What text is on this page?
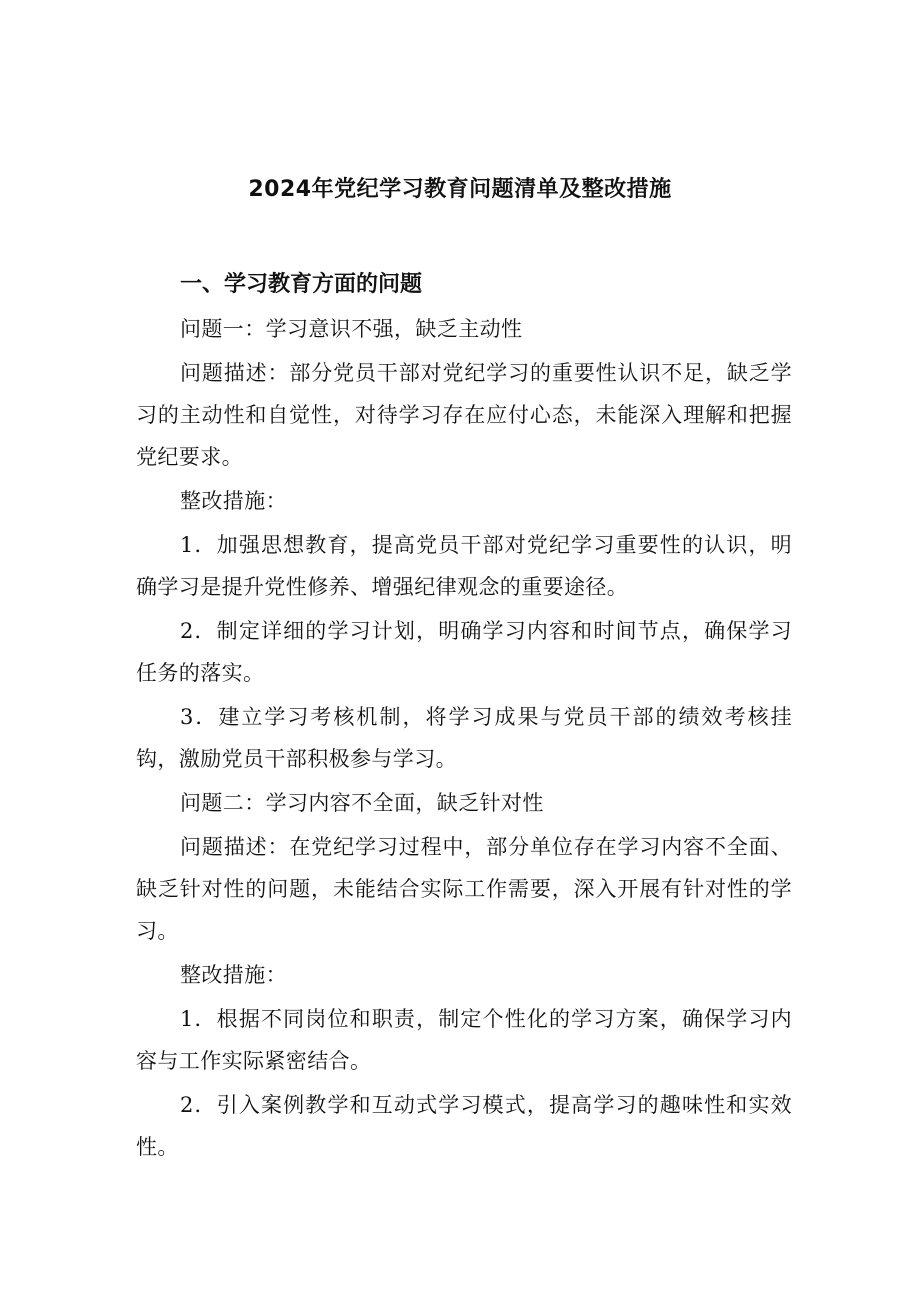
2024年党纪学习教育问题清单及整改措施
一、学习教育方面的问题

问题一：学习意识不强，缺乏主动性

问题描述：部分党员干部对党纪学习的重要性认识不足，缺乏学习的主动性和自觉性，对待学习存在应付心态，未能深入理解和把握党纪要求。

整改措施：

1．加强思想教育，提高党员干部对党纪学习重要性的认识，明确学习是提升党性修养、增强纪律观念的重要途径。

2．制定详细的学习计划，明确学习内容和时间节点，确保学习任务的落实。

3．建立学习考核机制，将学习成果与党员干部的绩效考核挂钩，激励党员干部积极参与学习。

问题二：学习内容不全面，缺乏针对性

问题描述：在党纪学习过程中，部分单位存在学习内容不全面、缺乏针对性的问题，未能结合实际工作需要，深入开展有针对性的学习。

整改措施：

1．根据不同岗位和职责，制定个性化的学习方案，确保学习内容与工作实际紧密结合。

2．引入案例教学和互动式学习模式，提高学习的趣味性和实效性。
